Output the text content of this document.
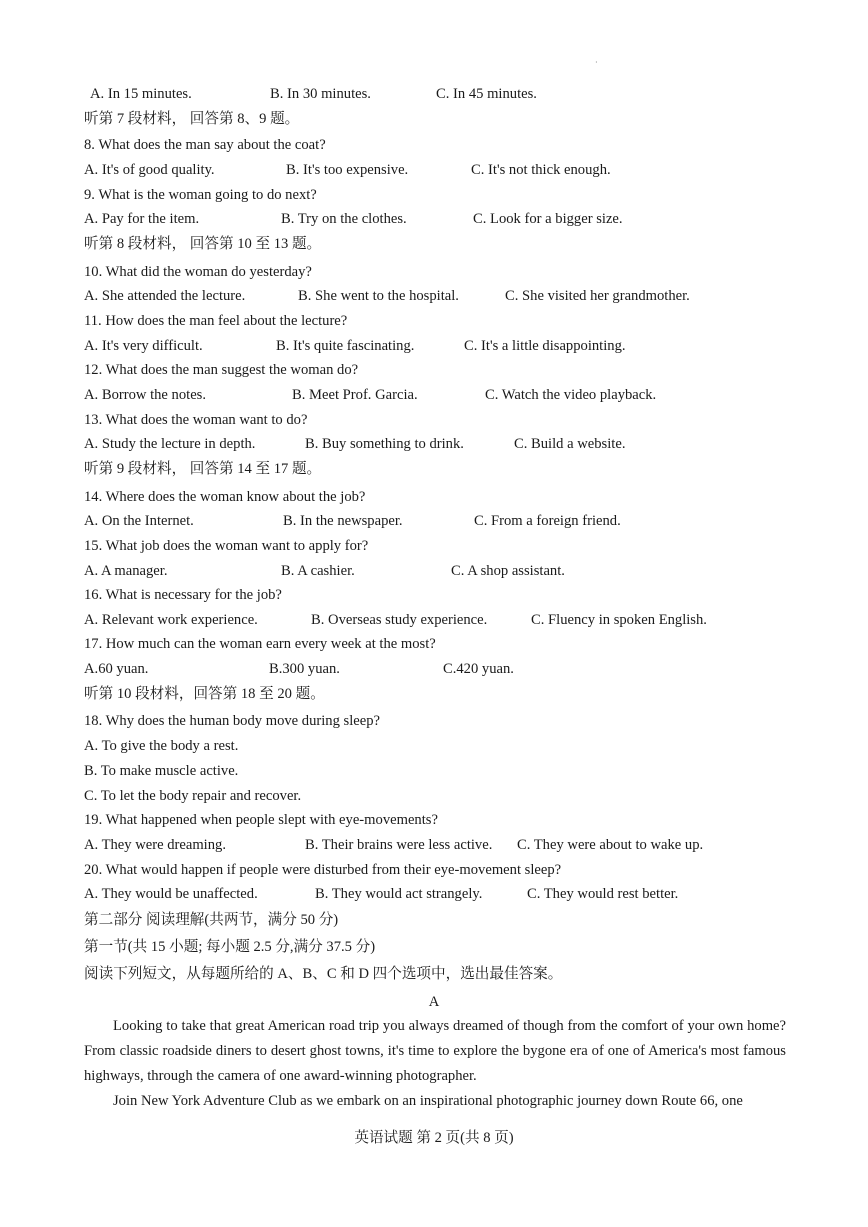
·
A. In 15 minutes.	B. In 30 minutes.	C. In 45 minutes.
听第 7 段材料， 回答第 8、9 题。
8. What does the man say about the coat?
A. It's of good quality.	B. It's too expensive.	C. It's not thick enough.
9. What is the woman going to do next?
A. Pay for the item.	B. Try on the clothes.	C. Look for a bigger size.
听第 8 段材料， 回答第 10 至 13 题。
10. What did the woman do yesterday?
A. She attended the lecture.	B. She went to the hospital.	C. She visited her grandmother.
11. How does the man feel about the lecture?
A. It's very difficult.	B. It's quite fascinating.	C. It's a little disappointing.
12. What does the man suggest the woman do?
A. Borrow the notes.	B. Meet Prof. Garcia.	C. Watch the video playback.
13. What does the woman want to do?
A. Study the lecture in depth.	B. Buy something to drink.	C. Build a website.
听第 9 段材料， 回答第 14 至 17 题。
14. Where does the woman know about the job?
A. On the Internet.	B. In the newspaper.	C. From a foreign friend.
15. What job does the woman want to apply for?
A. A manager.	B. A cashier.	C. A shop assistant.
16. What is necessary for the job?
A. Relevant work experience.	B. Overseas study experience.	C. Fluency in spoken English.
17. How much can the woman earn every week at the most?
A.60 yuan.	B.300 yuan.	C.420 yuan.
听第 10 段材料，回答第 18 至 20 题。
18. Why does the human body move during sleep?
A. To give the body a rest.
B. To make muscle active.
C. To let the body repair and recover.
19. What happened when people slept with eye-movements?
A. They were dreaming.	B. Their brains were less active. C. They were about to wake up.
20. What would happen if people were disturbed from their eye-movement sleep?
A. They would be unaffected.	B. They would act strangely.	C. They would rest better.
第二部分 阅读理解(共两节，满分 50 分)
第一节(共 15 小题; 每小题 2.5 分,满分 37.5 分)
阅读下列短文，从每题所给的 A、B、C 和 D 四个选项中，选出最佳答案。
A
Looking to take that great American road trip you always dreamed of though from the comfort of your own home? From classic roadside diners to desert ghost towns, it's time to explore the bygone era of one of America's most famous highways, through the camera of one award-winning photographer.
Join New York Adventure Club as we embark on an inspirational photographic journey down Route 66, one
英语试题 第 2 页(共 8 页)
